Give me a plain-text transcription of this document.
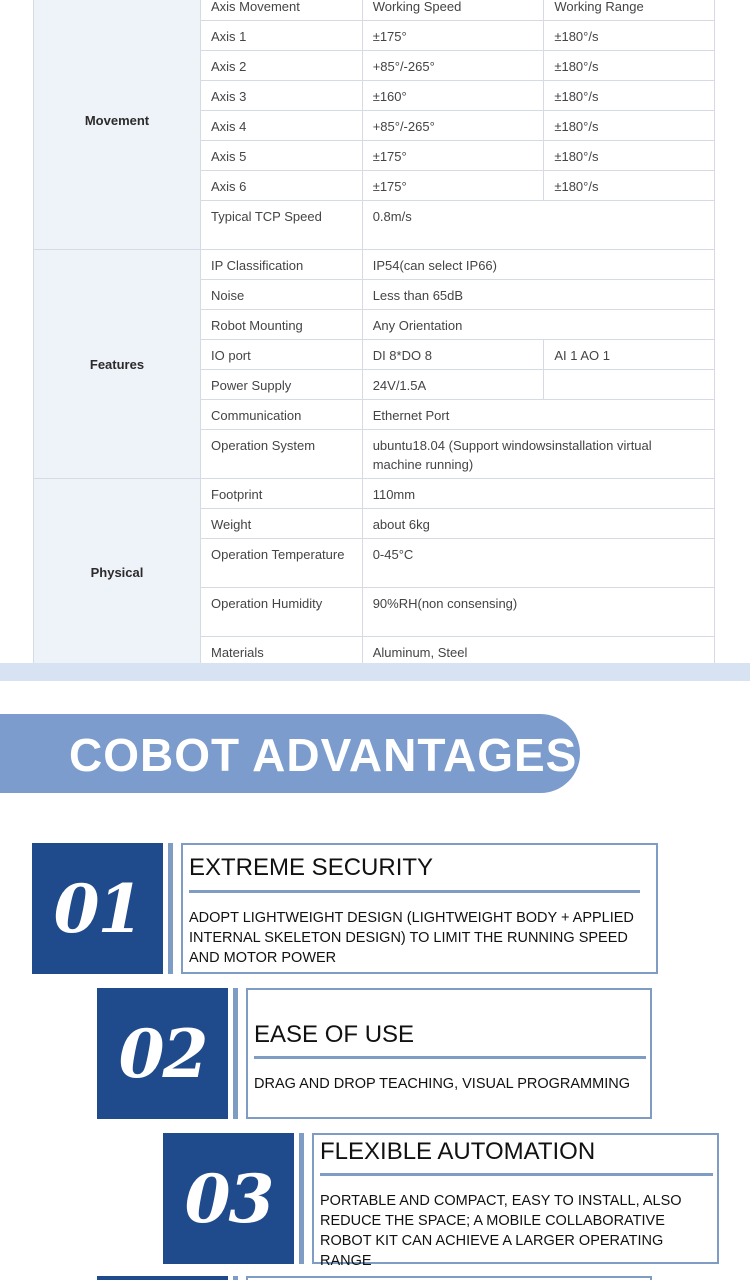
Movement
Axis Movement	Working Speed	Working Range
Axis 1	±175°	±180°/s
Axis 2	+85°/-265°	±180°/s
Axis 3	±160°	±180°/s
Axis 4	+85°/-265°	±180°/s
Axis 5	±175°	±180°/s
Axis 6	±175°	±180°/s
Typical TCP Speed	0.8m/s
Features
IP Classification	IP54(can select IP66)
Noise	Less than 65dB
Robot Mounting	Any Orientation
IO port	DI 8*DO 8	AI 1 AO 1
Power Supply	24V/1.5A
Communication	Ethernet Port
Operation System	ubuntu18.04 (Support windowsinstallation virtual machine running)
Physical
Footprint	110mm
Weight	about 6kg
Operation Temperature	0-45°C
Operation Humidity	90%RH(non consensing)
Materials	Aluminum, Steel
COBOT ADVANTAGES
01
EXTREME SECURITY
ADOPT LIGHTWEIGHT DESIGN (LIGHTWEIGHT BODY + APPLIED INTERNAL SKELETON DESIGN) TO LIMIT THE RUNNING SPEED AND MOTOR POWER
02	EASE OF USE
DRAG AND DROP TEACHING, VISUAL PROGRAMMING
03
FLEXIBLE AUTOMATION
PORTABLE AND COMPACT, EASY TO INSTALL, ALSO REDUCE THE SPACE; A MOBILE COLLABORATIVE ROBOT KIT CAN ACHIEVE A LARGER OPERATING RANGE
